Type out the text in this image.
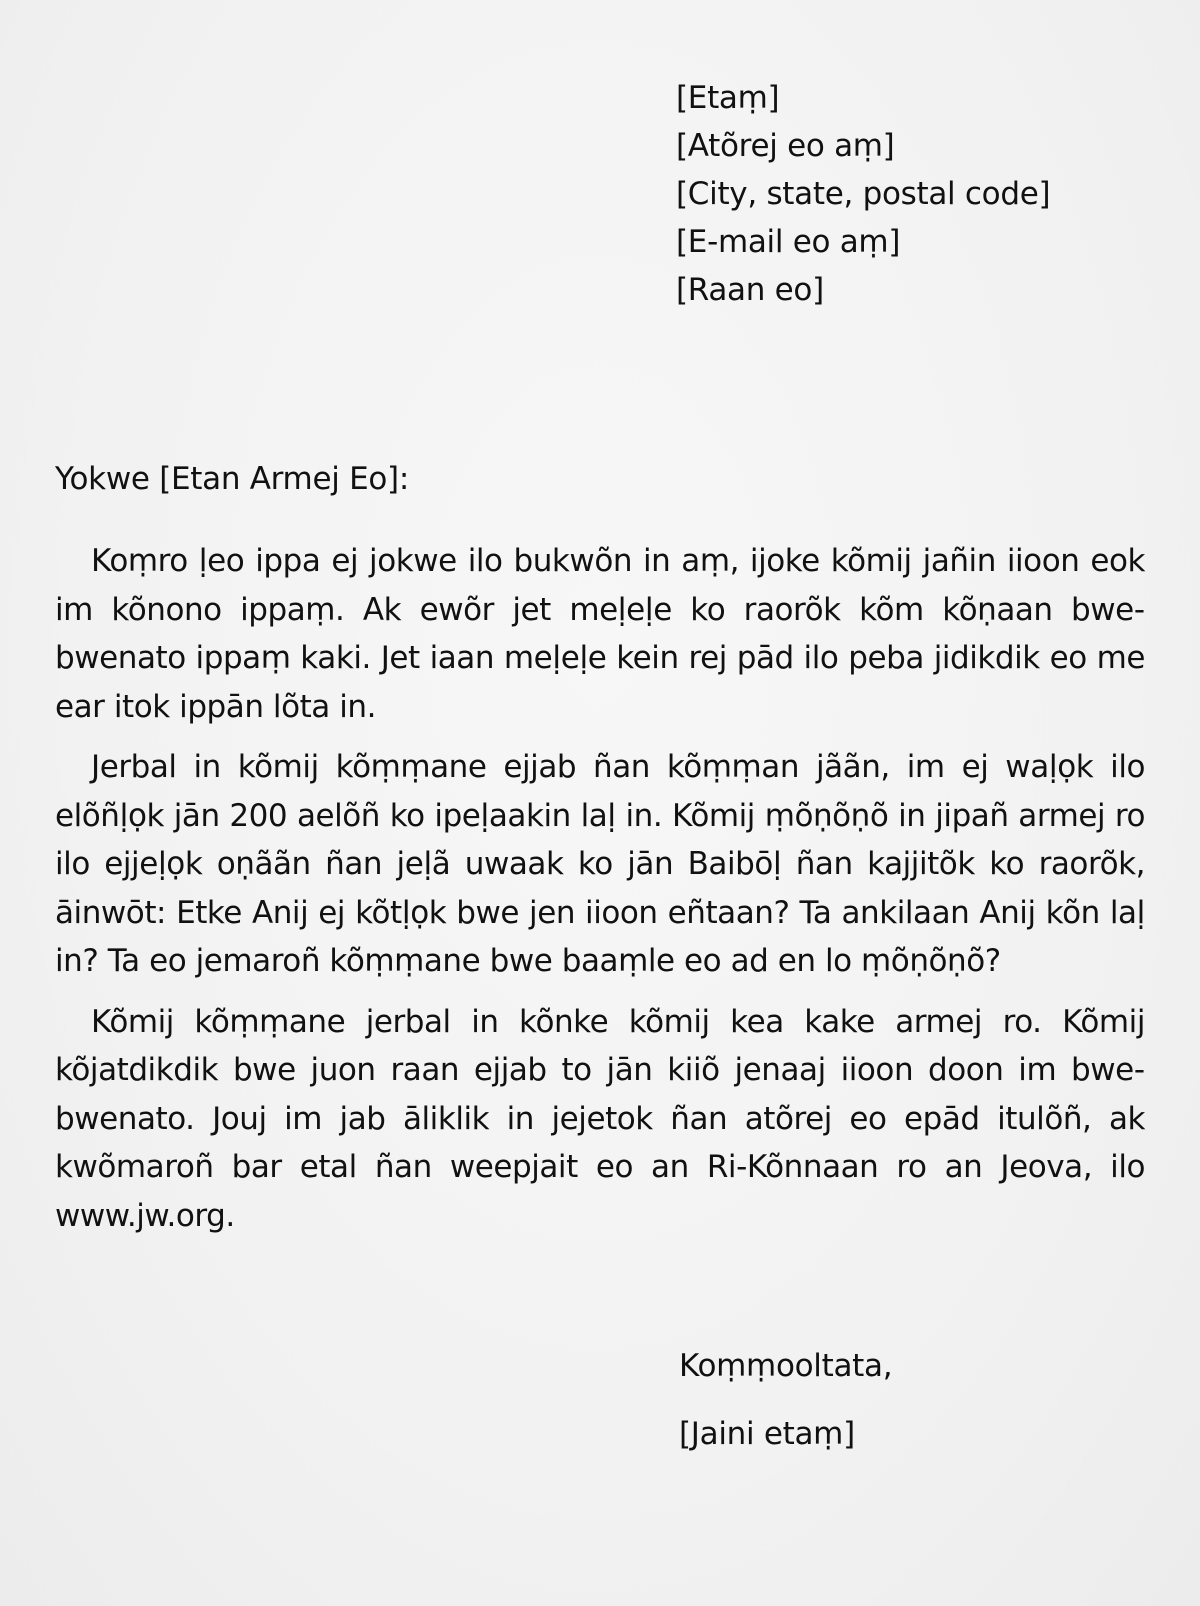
[Etaṃ]
[Atõrej eo aṃ]
[City, state, postal code]
[E-mail eo aṃ]
[Raan eo]
Yokwe [Etan Armej Eo]:

Koṃro ḷeo ippa ej jokwe ilo bukwõn in aṃ, ijoke kõmij jañin iioon eok im kõnono ippaṃ. Ak ewõr jet meḷeḷe ko raorõk kõm kõṇaan bwebwenato ippaṃ kaki. Jet iaan meḷeḷe kein rej pād ilo peba jidikdik eo me ear itok ippān lõta in.

Jerbal in kõmij kõṃṃane ejjab ñan kõṃṃan jããn, im ej waḷọk ilo elõñḷọk jān 200 aelõñ ko ipeḷaakin laḷ in. Kõmij ṃõṇõṇõ in jipañ armej ro ilo ejjeḷọk oṇããn ñan jeḷã uwaak ko jān Baibōḷ ñan kajjitõk ko raorõk, āinwōt: Etke Anij ej kõtḷọk bwe jen iioon eñtaan? Ta ankilaan Anij kõn laḷ in? Ta eo jemaroñ kõṃṃane bwe baaṃle eo ad en lo ṃõṇõṇõ?

Kõmij kõṃṃane jerbal in kõnke kõmij kea kake armej ro. Kõmij kõjatdikdik bwe juon raan ejjab to jān kiiõ jenaaj iioon doon im bwebwenato. Jouj im jab āliklik in jejetok ñan atõrej eo epād itulõñ, ak kwõmaroñ bar etal ñan weepjait eo an Ri-Kõnnaan ro an Jeova, ilo www.jw.org.

Koṃṃooltata,
[Jaini etaṃ]
